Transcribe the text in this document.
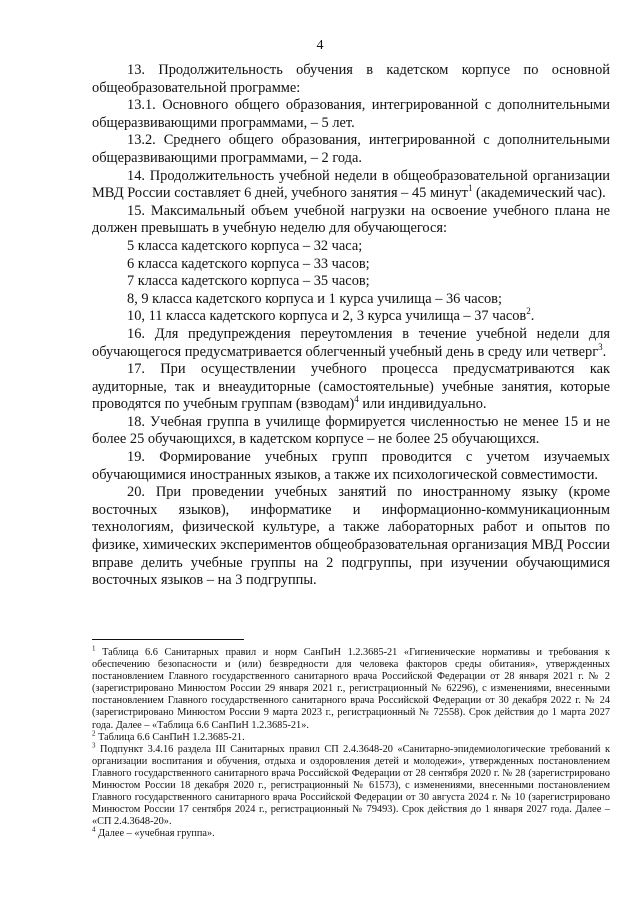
4

13. Продолжительность обучения в кадетском корпусе по основной общеобразовательной программе:

13.1. Основного общего образования, интегрированной с дополнительными общеразвивающими программами, – 5 лет.

13.2. Среднего общего образования, интегрированной с дополнительными общеразвивающими программами, – 2 года.

14. Продолжительность учебной недели в общеобразовательной организации МВД России составляет 6 дней, учебного занятия – 45 минут$^1$ (академический час).

15. Максимальный объем учебной нагрузки на освоение учебного плана не должен превышать в учебную неделю для обучающегося:

5 класса кадетского корпуса – 32 часа;

6 класса кадетского корпуса – 33 часов;

7 класса кадетского корпуса – 35 часов;

8, 9 класса кадетского корпуса и 1 курса училища – 36 часов;

10, 11 класса кадетского корпуса и 2, 3 курса училища – 37 часов$^2$.

16. Для предупреждения переутомления в течение учебной недели для обучающегося предусматривается облегченный учебный день в среду или четверг$^3$.

17. При осуществлении учебного процесса предусматриваются как аудиторные, так и внеаудиторные (самостоятельные) учебные занятия, которые проводятся по учебным группам (взводам)$^4$ или индивидуально.

18. Учебная группа в училище формируется численностью не менее 15 и не более 25 обучающихся, в кадетском корпусе – не более 25 обучающихся.

19. Формирование учебных групп проводится с учетом изучаемых обучающимися иностранных языков, а также их психологической совместимости.

20. При проведении учебных занятий по иностранному языку (кроме восточных языков), информатике и информационно-коммуникационным технологиям, физической культуре, а также лабораторных работ и опытов по физике, химических экспериментов общеобразовательная организация МВД России вправе делить учебные группы на 2 подгруппы, при изучении обучающимися восточных языков – на 3 подгруппы.

$^1$ Таблица 6.6 Санитарных правил и норм СанПиН 1.2.3685-21 «Гигиенические нормативы и требования к обеспечению безопасности и (или) безвредности для человека факторов среды обитания», утвержденных постановлением Главного государственного санитарного врача Российской Федерации от 28 января 2021 г. № 2 (зарегистрировано Минюстом России 29 января 2021 г., регистрационный № 62296), с изменениями, внесенными постановлением Главного государственного санитарного врача Российской Федерации от 30 декабря 2022 г. № 24 (зарегистрировано Минюстом России 9 марта 2023 г., регистрационный № 72558). Срок действия до 1 марта 2027 года. Далее – «Таблица 6.6 СанПиН 1.2.3685-21».

$^2$ Таблица 6.6 СанПиН 1.2.3685-21.

$^3$ Подпункт 3.4.16 раздела III Санитарных правил СП 2.4.3648-20 «Санитарно-эпидемиологические требований к организации воспитания и обучения, отдыха и оздоровления детей и молодежи», утвержденных постановлением Главного государственного санитарного врача Российской Федерации от 28 сентября 2020 г. № 28 (зарегистрировано Минюстом России 18 декабря 2020 г., регистрационный № 61573), с изменениями, внесенными постановлением Главного государственного санитарного врача Российской Федерации от 30 августа 2024 г. № 10 (зарегистрировано Минюстом России 17 сентября 2024 г., регистрационный № 79493). Срок действия до 1 января 2027 года. Далее – «СП 2.4.3648-20».

$^4$ Далее – «учебная группа».
